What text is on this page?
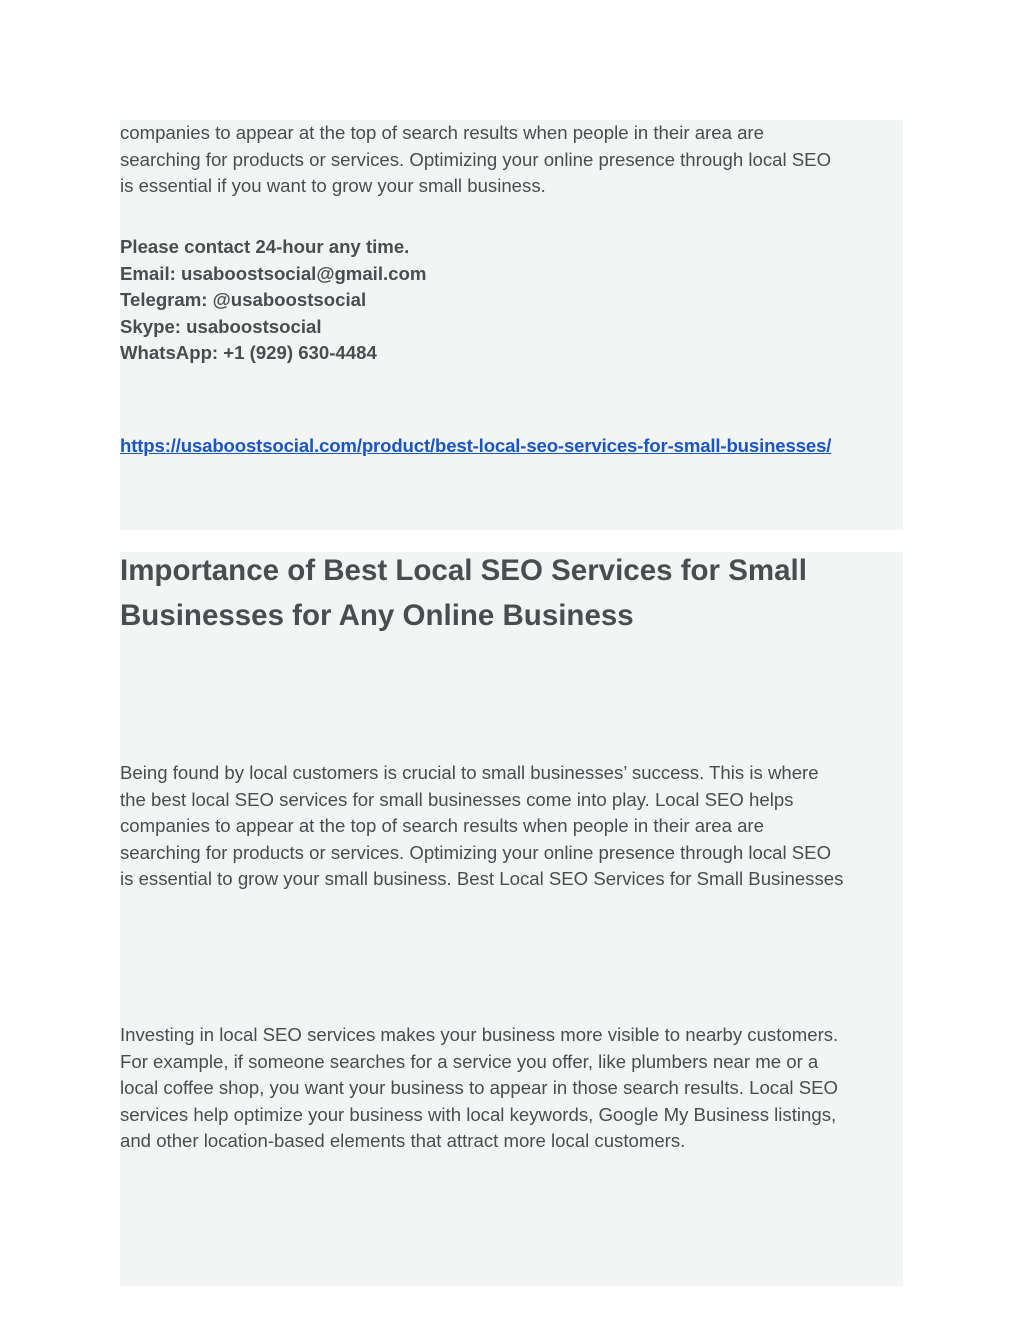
companies to appear at the top of search results when people in their area are
searching for products or services. Optimizing your online presence through local SEO
is essential if you want to grow your small business.

Please contact 24-hour any time.
Email: usaboostsocial@gmail.com
Telegram: @usaboostsocial
Skype: usaboostsocial
WhatsApp: +1 (929) 630-4484

https://usaboostsocial.com/product/best-local-seo-services-for-small-businesses/
Importance of Best Local SEO Services for Small
Businesses for Any Online Business

Being found by local customers is crucial to small businesses’ success. This is where
the best local SEO services for small businesses come into play. Local SEO helps
companies to appear at the top of search results when people in their area are
searching for products or services. Optimizing your online presence through local SEO
is essential to grow your small business. Best Local SEO Services for Small Businesses

Investing in local SEO services makes your business more visible to nearby customers.
For example, if someone searches for a service you offer, like plumbers near me or a
local coffee shop, you want your business to appear in those search results. Local SEO
services help optimize your business with local keywords, Google My Business listings,
and other location-based elements that attract more local customers.
